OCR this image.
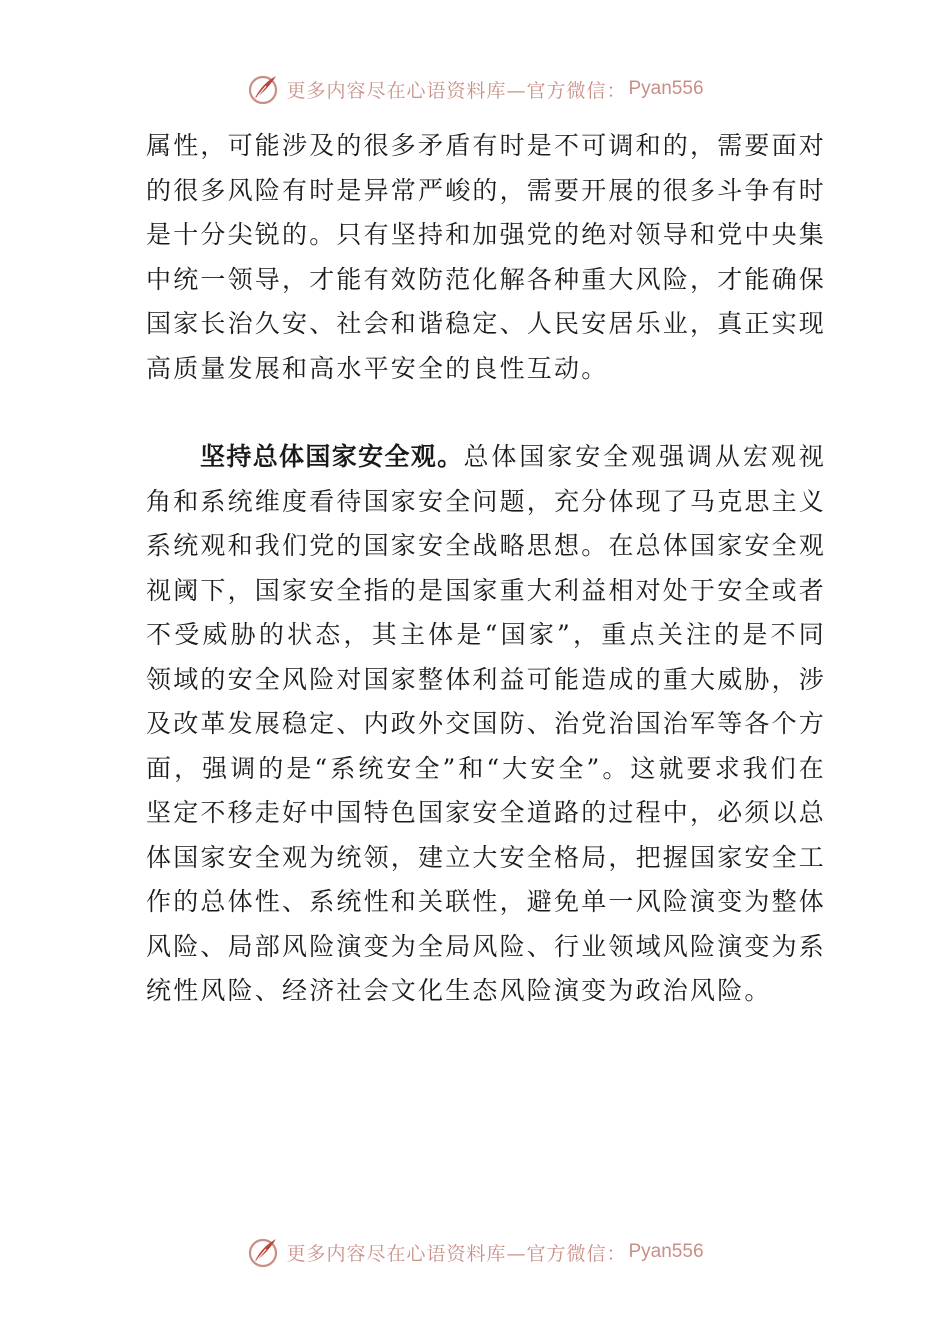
更多内容尽在心语资料库—官方微信： Pyan556

属性，可能涉及的很多矛盾有时是不可调和的，需要面对的很多风险有时是异常严峻的，需要开展的很多斗争有时是十分尖锐的。只有坚持和加强党的绝对领导和党中央集中统一领导，才能有效防范化解各种重大风险，才能确保国家长治久安、社会和谐稳定、人民安居乐业，真正实现高质量发展和高水平安全的良性互动。

坚持总体国家安全观。总体国家安全观强调从宏观视角和系统维度看待国家安全问题，充分体现了马克思主义系统观和我们党的国家安全战略思想。在总体国家安全观视阈下，国家安全指的是国家重大利益相对处于安全或者不受威胁的状态，其主体是“国家”，重点关注的是不同领域的安全风险对国家整体利益可能造成的重大威胁，涉及改革发展稳定、内政外交国防、治党治国治军等各个方面，强调的是“系统安全”和“大安全”。这就要求我们在坚定不移走好中国特色国家安全道路的过程中，必须以总体国家安全观为统领，建立大安全格局，把握国家安全工作的总体性、系统性和关联性，避免单一风险演变为整体风险、局部风险演变为全局风险、行业领域风险演变为系统性风险、经济社会文化生态风险演变为政治风险。

更多内容尽在心语资料库—官方微信： Pyan556
